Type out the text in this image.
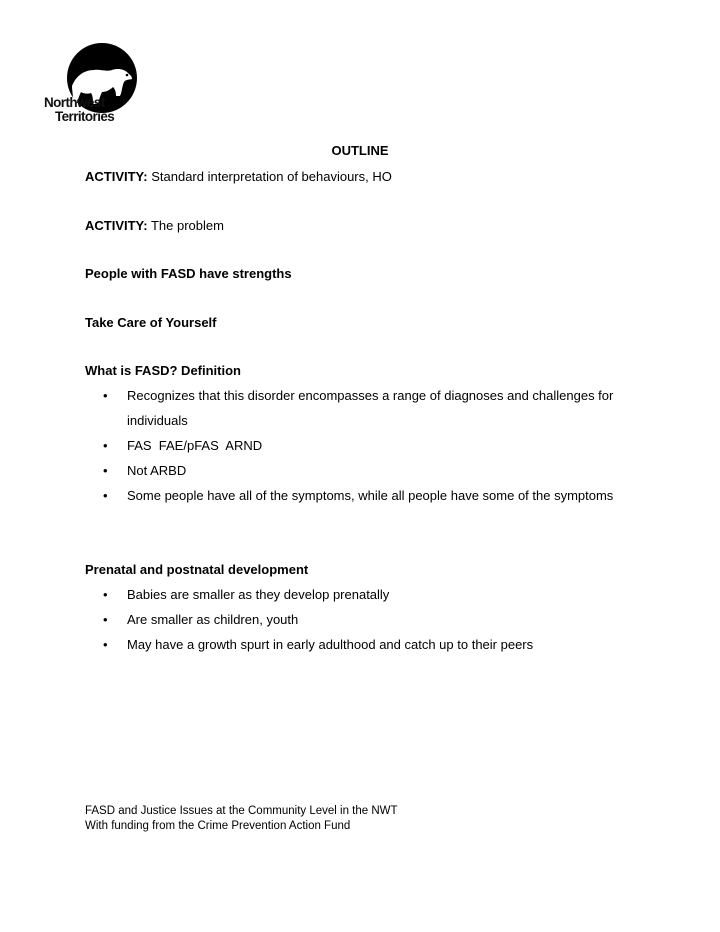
Northwest
Territories
OUTLINE
ACTIVITY: Standard interpretation of behaviours, HO
ACTIVITY: The problem
People with FASD have strengths
Take Care of Yourself
What is FASD? Definition
• Recognizes that this disorder encompasses a range of diagnoses and challenges for individuals
• FAS  FAE/pFAS  ARND
• Not ARBD
• Some people have all of the symptoms, while all people have some of the symptoms
Prenatal and postnatal development
• Babies are smaller as they develop prenatally
• Are smaller as children, youth
• May have a growth spurt in early adulthood and catch up to their peers
FASD and Justice Issues at the Community Level in the NWT
With funding from the Crime Prevention Action Fund
